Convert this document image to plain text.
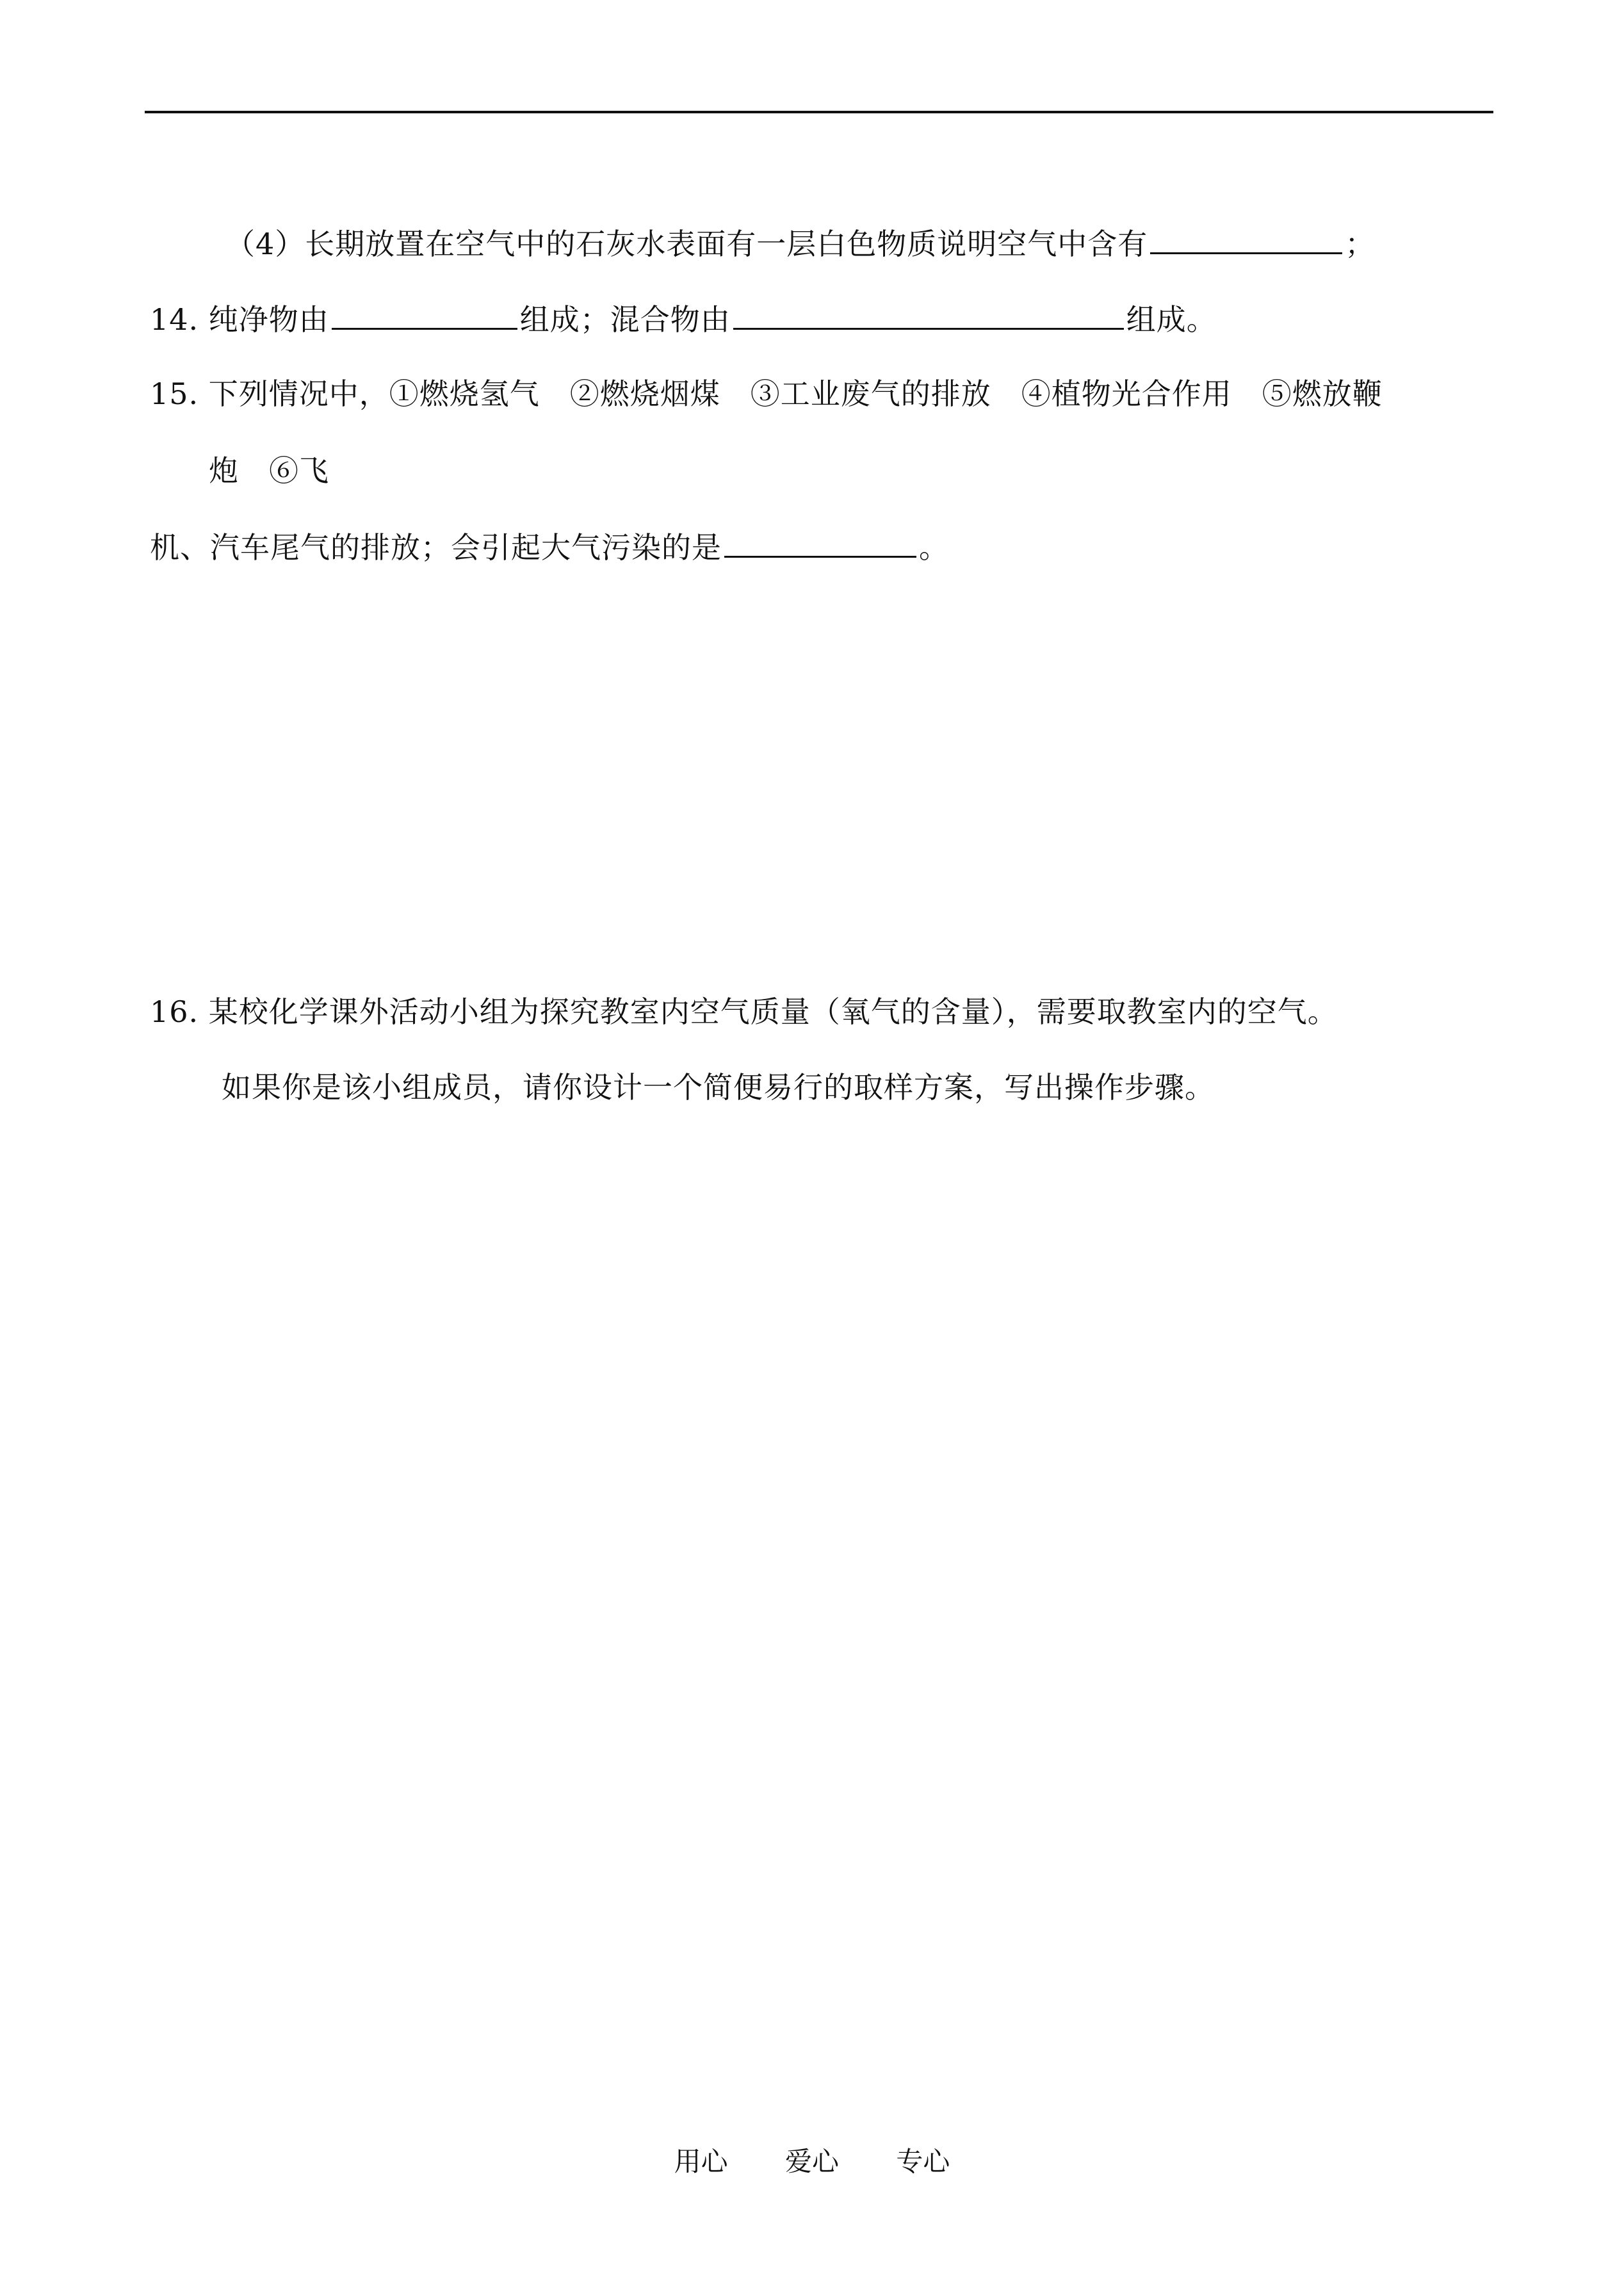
（4）长期放置在空气中的石灰水表面有一层白色物质说明空气中含有	；
14. 纯净物由	组成；混合物由	组成。
15. 下列情况中，①燃烧氢气　②燃烧烟煤　③工业废气的排放　④植物光合作用　⑤燃放鞭
炮　⑥飞
机、汽车尾气的排放；会引起大气污染的是	。
16. 某校化学课外活动小组为探究教室内空气质量（氧气的含量），需要取教室内的空气。
如果你是该小组成员，请你设计一个简便易行的取样方案，写出操作步骤。
用心 爱心 专心
